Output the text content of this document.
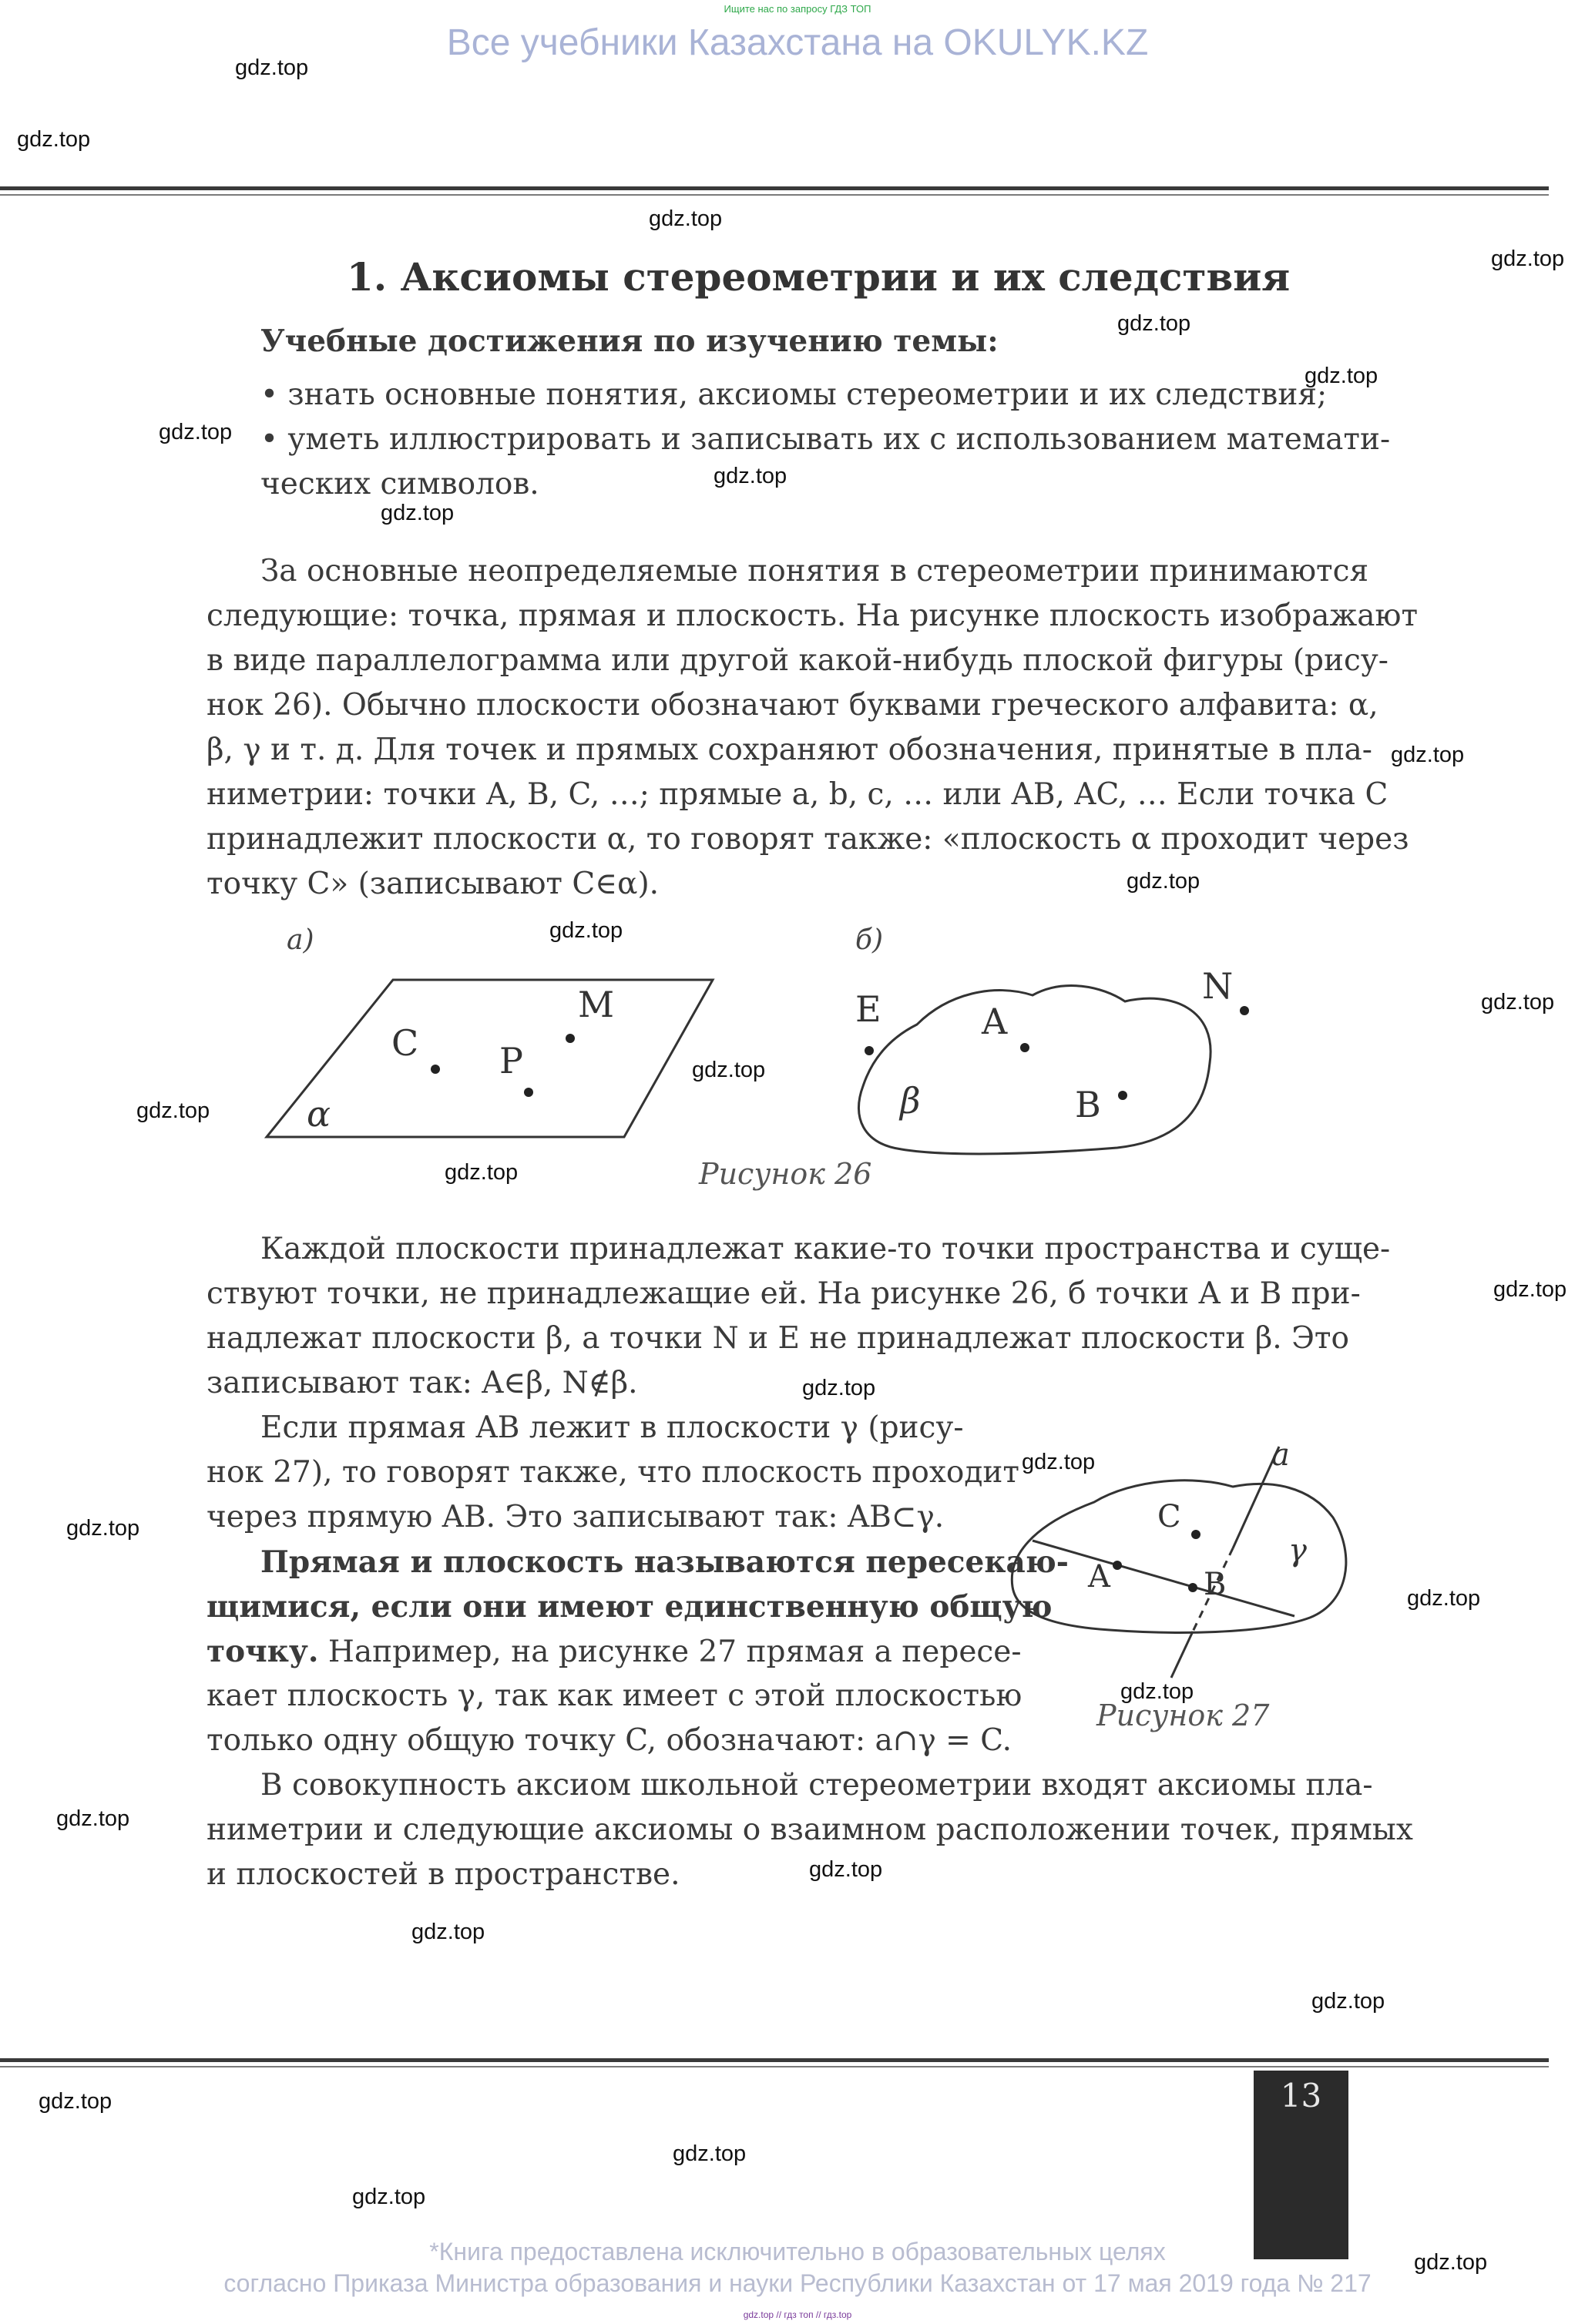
Ищите нас по запросу ГДЗ ТОП
Все учебники Казахстана на OKULYK.KZ
1. Аксиомы стереометрии и их следствия
Учебные достижения по изучению темы:
• знать основные понятия, аксиомы стереометрии и их следствия;
• уметь иллюстрировать и записывать их с использованием математи-
ческих символов.
За основные неопределяемые понятия в стереометрии принимаются
следующие: точка, прямая и плоскость. На рисунке плоскость изображают
в виде параллелограмма или другой какой-нибудь плоской фигуры (рису-
нок 26). Обычно плоскости обозначают буквами греческого алфавита: α,
β, γ и т. д. Для точек и прямых сохраняют обозначения, принятые в пла-
ниметрии: точки A, B, C, …; прямые a, b, c, … или AB, AC, … Если точка C
принадлежит плоскости α, то говорят также: «плоскость α проходит через
точку C» (записывают C∈α).
а)	б)
C P
M
α
E	A
N
B
β
Рисунок 26
Каждой плоскости принадлежат какие-то точки пространства и суще-
ствуют точки, не принадлежащие ей. На рисунке 26, б точки A и B при-
надлежат плоскости β, а точки N и E не принадлежат плоскости β. Это
записывают так: A∈β, N∉β.
Если прямая AB лежит в плоскости γ (рису-
нок 27), то говорят также, что плоскость проходит
через прямую AB. Это записывают так: AB⊂γ.
Прямая и плоскость называются пересекаю-
щимися, если они имеют единственную общую
точку. Например, на рисунке 27 прямая a пересе-
кает плоскость γ, так как имеет с этой плоскостью
только одну общую точку C, обозначают: a∩γ = C.
a
C
A	B
γ
Рисунок 27
В совокупность аксиом школьной стереометрии входят аксиомы пла-
ниметрии и следующие аксиомы о взаимном расположении точек, прямых
и плоскостей в пространстве.
13
*Книга предоставлена исключительно в образовательных целях
согласно Приказа Министра образования и науки Республики Казахстан от 17 мая 2019 года № 217
gdz.top // гдз топ // гдз.top
gdz.top
gdz.top
gdz.top
gdz.top
gdz.top
gdz.top
gdz.top
gdz.top
gdz.top
gdz.top
gdz.top
gdz.top
gdz.top
gdz.top
gdz.top
gdz.top
gdz.top
gdz.top
gdz.top
gdz.top
gdz.top
gdz.top
gdz.top
gdz.top
gdz.top
gdz.top
gdz.top
gdz.top
gdz.top
gdz.top
